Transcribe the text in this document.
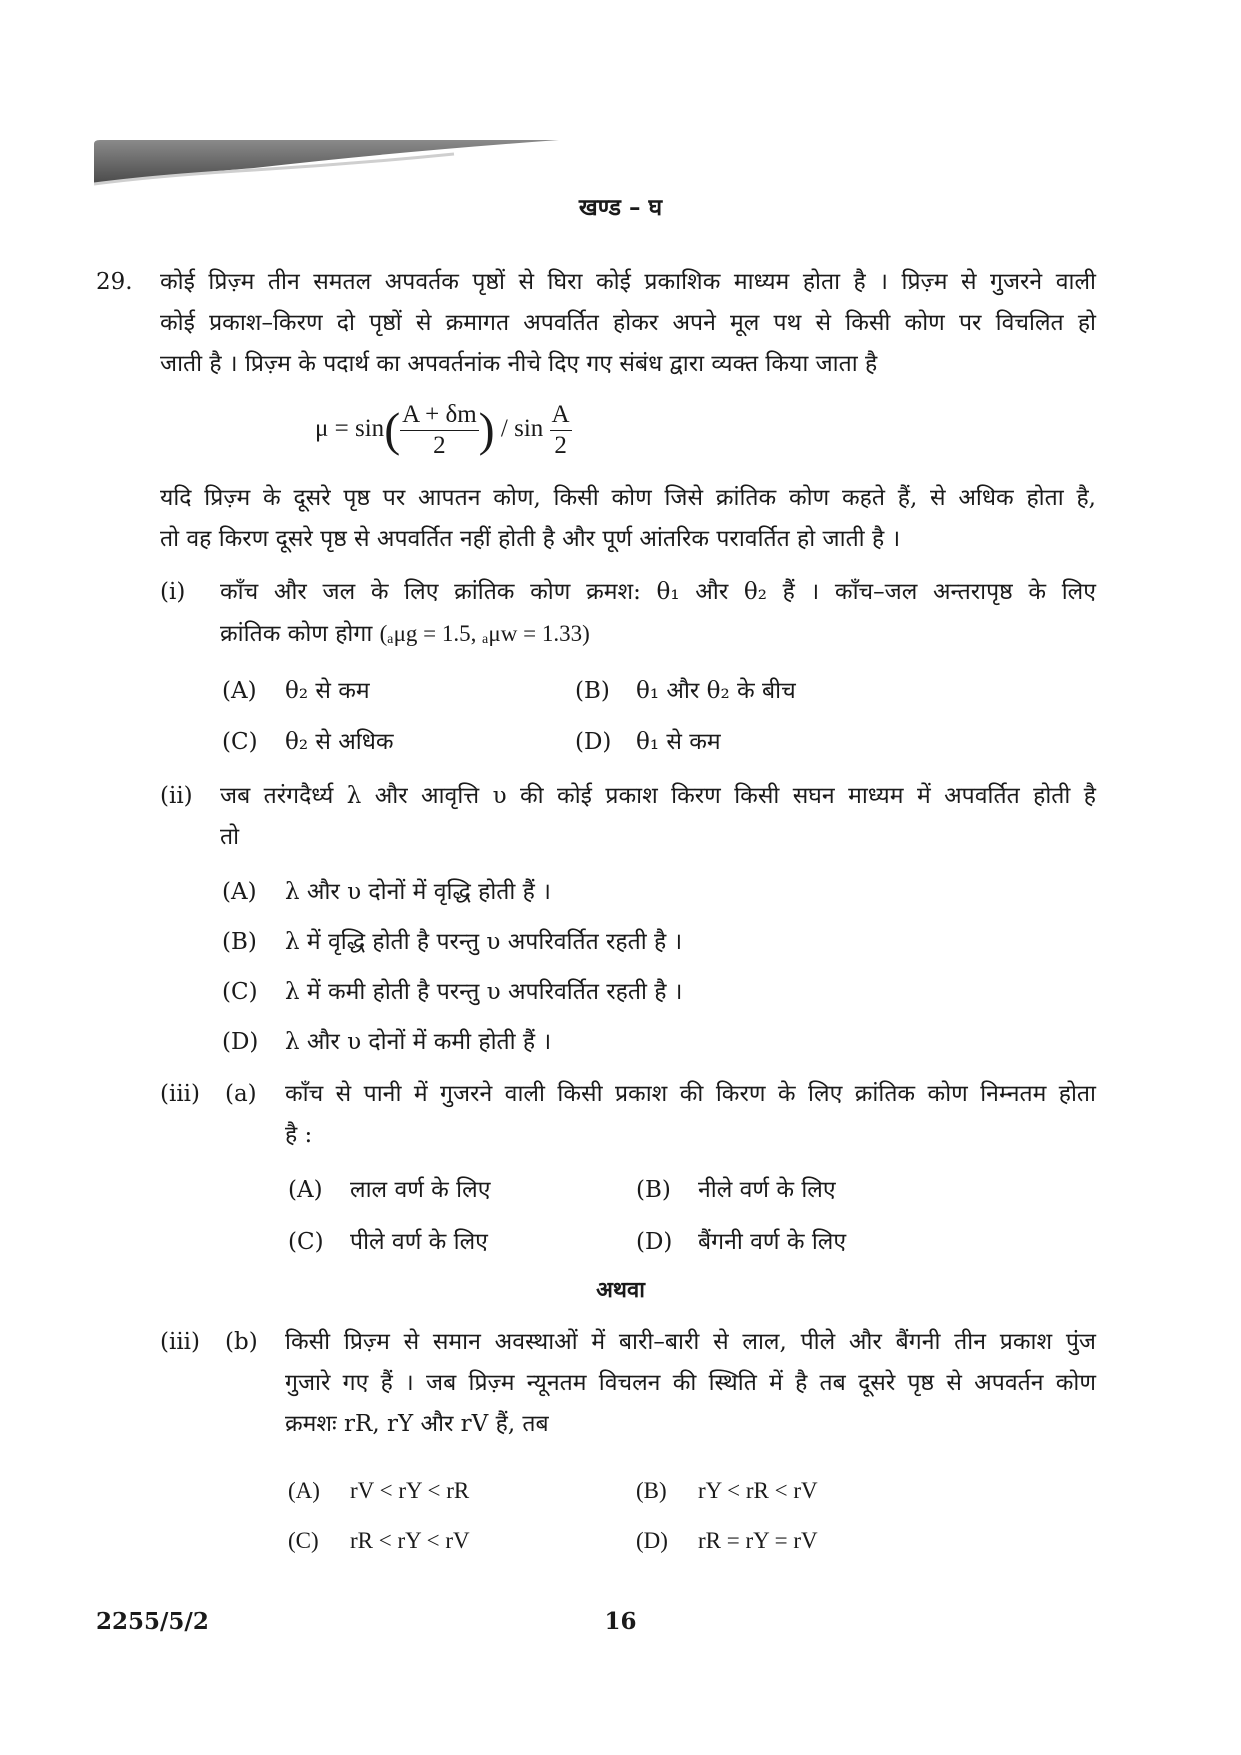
खण्ड – घ
29. कोई प्रिज़्म तीन समतल अपवर्तक पृष्ठों से घिरा कोई प्रकाशिक माध्यम होता है । प्रिज़्म से गुजरने वाली
कोई प्रकाश–किरण दो पृष्ठों से क्रमागत अपवर्तित होकर अपने मूल पथ से किसी कोण पर विचलित हो
जाती है । प्रिज़्म के पदार्थ का अपवर्तनांक नीचे दिए गए संबंध द्वारा व्यक्त किया जाता है
$\mu = \sin( \frac{A + \delta m}{2}$ ) / $\sin \frac{A}{2}$
यदि प्रिज़्म के दूसरे पृष्ठ पर आपतन कोण, किसी कोण जिसे क्रांतिक कोण कहते हैं, से अधिक होता है,
तो वह किरण दूसरे पृष्ठ से अपवर्तित नहीं होती है और पूर्ण आंतरिक परावर्तित हो जाती है ।
(i) काँच और जल के लिए क्रांतिक कोण क्रमश: θ₁ और θ₂ हैं । काँच–जल अन्तरापृष्ठ के लिए
क्रांतिक कोण होगा (ₐμg = 1.5, ₐμw = 1.33)
(A) θ₂ से कम	(B) θ₁ और θ₂ के बीच
(C) θ₂ से अधिक	(D) θ₁ से कम
(ii) जब तरंगदैर्ध्य λ और आवृत्ति υ की कोई प्रकाश किरण किसी सघन माध्यम में अपवर्तित होती है
तो
(A) λ और υ दोनों में वृद्धि होती हैं ।
(B) λ में वृद्धि होती है परन्तु υ अपरिवर्तित रहती है ।
(C) λ में कमी होती है परन्तु υ अपरिवर्तित रहती है ।
(D) λ और υ दोनों में कमी होती हैं ।
(iii) (a) काँच से पानी में गुजरने वाली किसी प्रकाश की किरण के लिए क्रांतिक कोण निम्नतम होता
है :
(A) लाल वर्ण के लिए	(B) नीले वर्ण के लिए
(C) पीले वर्ण के लिए	(D) बैंगनी वर्ण के लिए
अथवा
(iii) (b) किसी प्रिज़्म से समान अवस्थाओं में बारी–बारी से लाल, पीले और बैंगनी तीन प्रकाश पुंज
गुजारे गए हैं । जब प्रिज़्म न्यूनतम विचलन की स्थिति में है तब दूसरे पृष्ठ से अपवर्तन कोण
क्रमशः rR, rY और rV हैं, तब
(A) rV < rY < rR	(B) rY < rR < rV
(C) rR < rY < rV	(D) rR = rY = rV
2255/5/2	16
